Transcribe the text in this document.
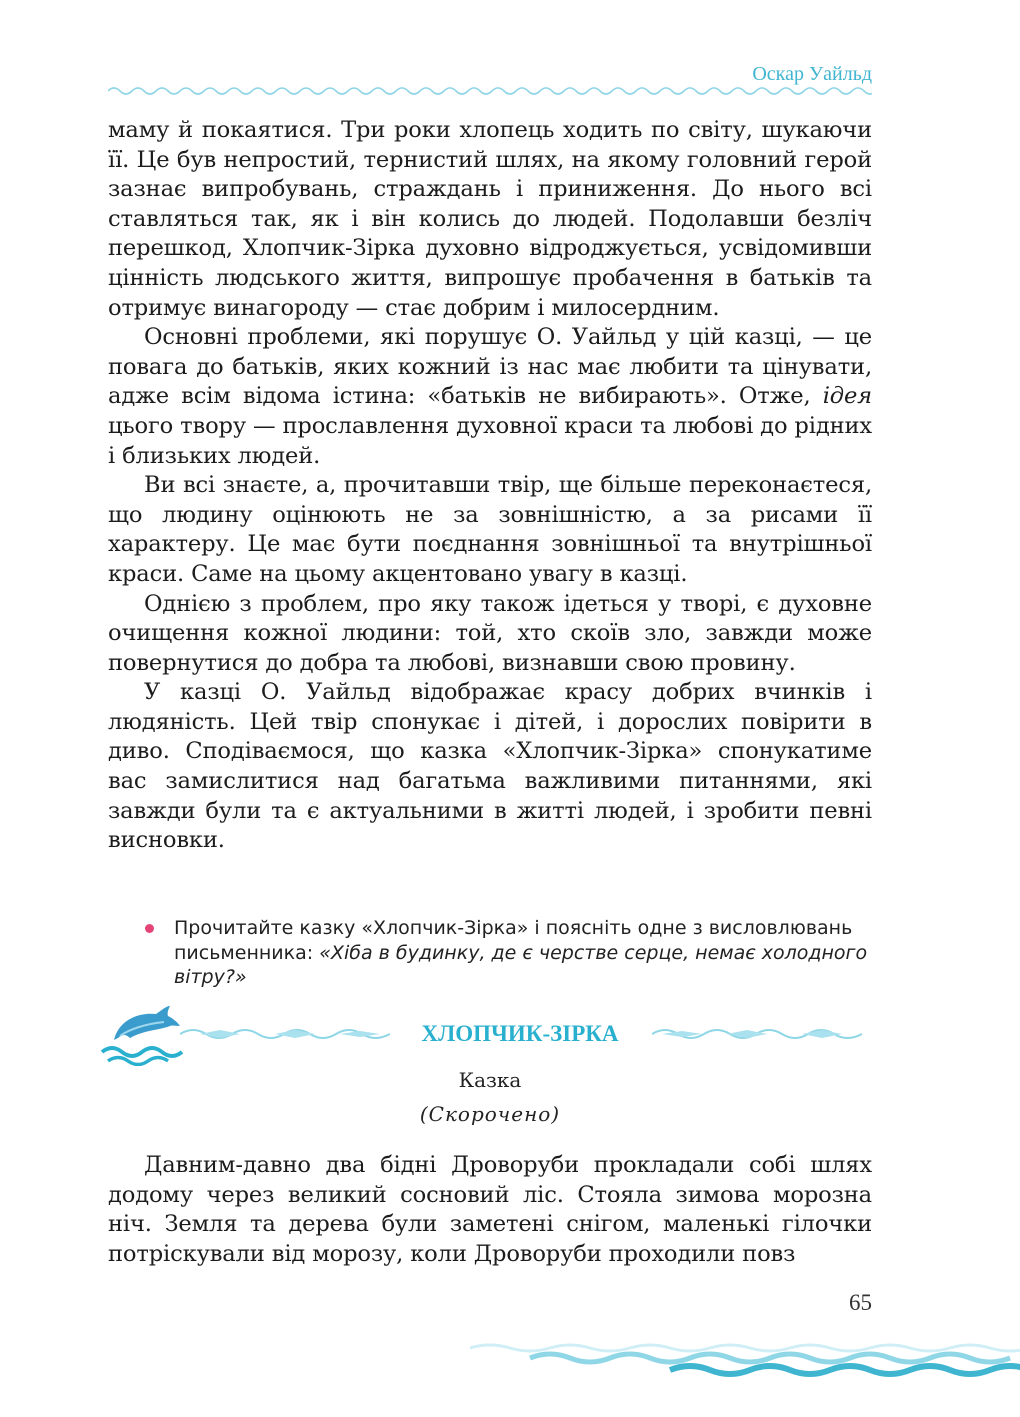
Оскар Уайльд

маму й покаятися. Три роки хлопець ходить по світу, шукаючи її. Це був непростий, тернистий шлях, на якому головний герой зазнає випробувань, страждань і приниження. До нього всі ставляться так, як і він колись до людей. Подолавши безліч перешкод, Хлопчик-Зірка духовно відроджується, усвідомивши цінність людського життя, випрошує пробачення в батьків та отримує винагороду — стає добрим і милосердним.

Основні проблеми, які порушує О. Уайльд у цій казці, — це повага до батьків, яких кожний із нас має любити та цінувати, адже всім відома істина: «батьків не вибирають». Отже, ідея цього твору — прославлення духовної краси та любові до рідних і близьких людей.

Ви всі знаєте, а, прочитавши твір, ще більше переконаєтеся, що людину оцінюють не за зовнішністю, а за рисами її характеру. Це має бути поєднання зовнішньої та внутрішньої краси. Саме на цьому акцентовано увагу в казці.

Однією з проблем, про яку також ідеться у творі, є духовне очищення кожної людини: той, хто скоїв зло, завжди може повернутися до добра та любові, визнавши свою провину.

У казці О. Уайльд відображає красу добрих вчинків і людяність. Цей твір спонукає і дітей, і дорослих повірити в диво. Сподіваємося, що казка «Хлопчик-Зірка» спонукатиме вас замислитися над багатьма важливими питаннями, які завжди були та є актуальними в житті людей, і зробити певні висновки.

Прочитайте казку «Хлопчик-Зірка» і поясніть одне з висловлювань письменника: «Хіба в будинку, де є черстве серце, немає холодного вітру?»
ХЛОПЧИК-ЗІРКА
Казка
(Скорочено)

Давним-давно два бідні Дроворуби прокладали собі шлях додому через великий сосновий ліс. Стояла зимова морозна ніч. Земля та дерева були заметені снігом, маленькі гілочки потріскували від морозу, коли Дроворуби проходили повз

65
